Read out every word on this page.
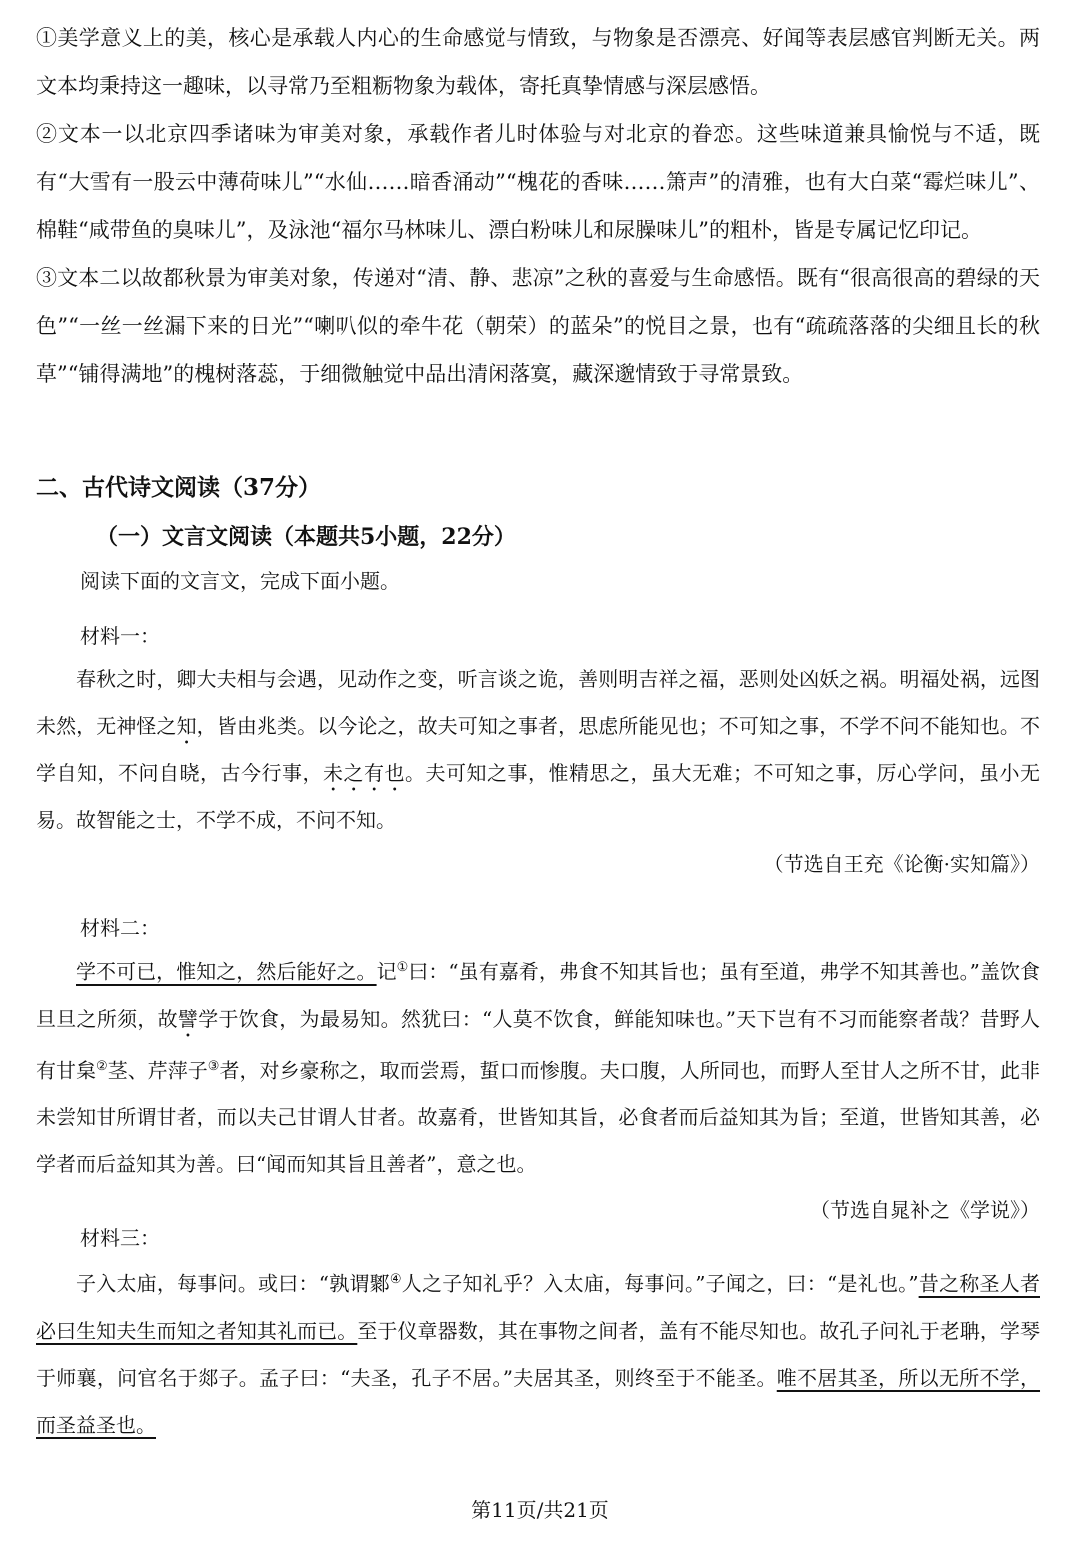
①美学意义上的美，核心是承载人内心的生命感觉与情致，与物象是否漂亮、好闻等表层感官判断无关。两文本均秉持这一趣味，以寻常乃至粗粝物象为载体，寄托真挚情感与深层感悟。

②文本一以北京四季诸味为审美对象，承载作者儿时体验与对北京的眷恋。这些味道兼具愉悦与不适，既有“大雪有一股云中薄荷味儿”“水仙……暗香涌动”“槐花的香味……箫声”的清雅，也有大白菜“霉烂味儿”、棉鞋“咸带鱼的臭味儿”，及泳池“福尔马林味儿、漂白粉味儿和尿臊味儿”的粗朴，皆是专属记忆印记。

③文本二以故都秋景为审美对象，传递对“清、静、悲凉”之秋的喜爱与生命感悟。既有“很高很高的碧绿的天色”“一丝一丝漏下来的日光”“喇叭似的牵牛花（朝荣）的蓝朵”的悦目之景，也有“疏疏落落的尖细且长的秋草”“铺得满地”的槐树落蕊，于细微触觉中品出清闲落寞，藏深邈情致于寻常景致。

二、古代诗文阅读（37分）

（一）文言文阅读（本题共5小题，22分）

阅读下面的文言文，完成下面小题。

材料一：

春秋之时，卿大夫相与会遇，见动作之变，听言谈之诡，善则明吉祥之福，恶则处凶妖之祸。明福处祸，远图未然，无神怪之知，皆由兆类。以今论之，故夫可知之事者，思虑所能见也；不可知之事，不学不问不能知也。不学自知，不问自晓，古今行事，未之有也。夫可知之事，惟精思之，虽大无难；不可知之事，厉心学问，虽小无易。故智能之士，不学不成，不问不知。

（节选自王充《论衡·实知篇》）

材料二：

学不可已，惟知之，然后能好之。记①曰：“虽有嘉肴，弗食不知其旨也；虽有至道，弗学不知其善也。”盖饮食旦旦之所须，故譬学于饮食，为最易知。然犹曰：“人莫不饮食，鲜能知味也。”天下岂有不习而能察者哉？昔野人有甘枲②茎、芹萍子③者，对乡豪称之，取而尝焉，蜇口而惨腹。夫口腹，人所同也，而野人至甘人之所不甘，此非未尝知甘所谓甘者，而以夫己甘谓人甘者。故嘉肴，世皆知其旨，必食者而后益知其为旨；至道，世皆知其善，必学者而后益知其为善。曰“闻而知其旨且善者”，意之也。

（节选自晁补之《学说》）

材料三：

子入太庙，每事问。或曰：“孰谓鄹④人之子知礼乎？入太庙，每事问。”子闻之，曰：“是礼也。”昔之称圣人者必曰生知夫生而知之者知其礼而已。至于仪章器数，其在事物之间者，盖有不能尽知也。故孔子问礼于老聃，学琴于师襄，问官名于郯子。孟子曰：“夫圣，孔子不居。”夫居其圣，则终至于不能圣。唯不居其圣，所以无所不学，而圣益圣也。

第11页/共21页
